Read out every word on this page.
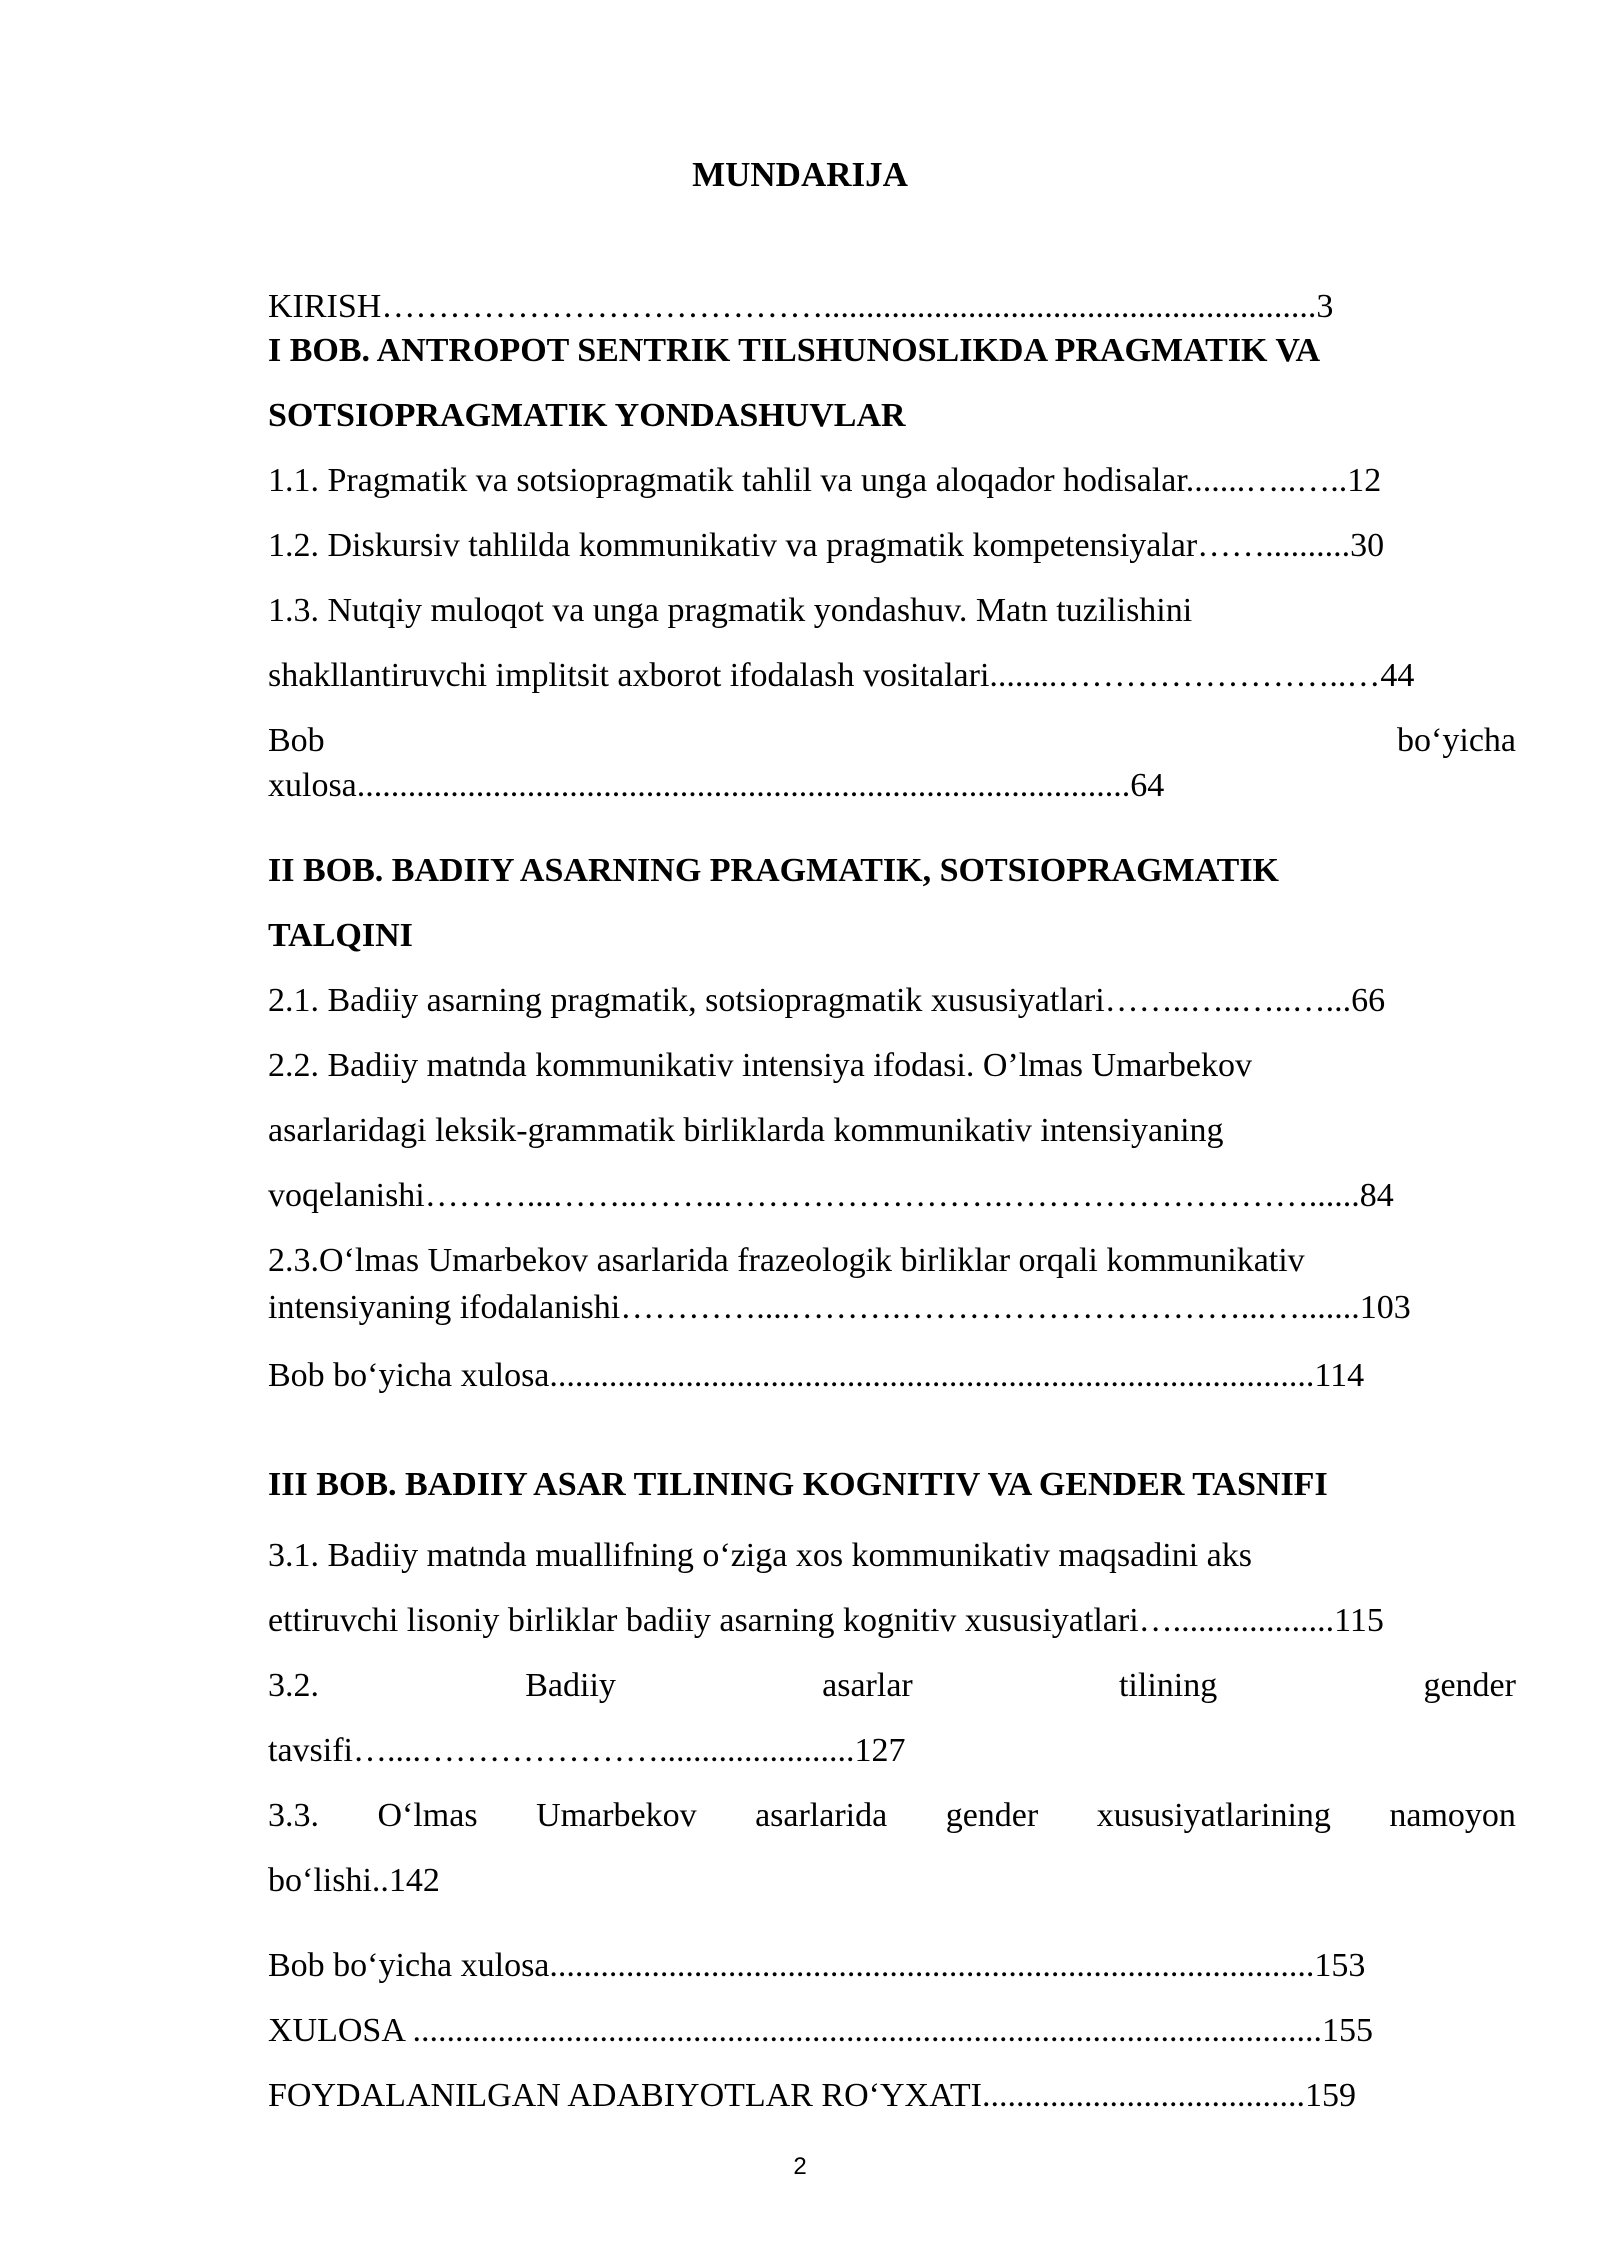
MUNDARIJA
KIRISH…………………………………..........................................................3
I BOB. ANTROPOT SENTRIK TILSHUNOSLIKDA PRAGMATIK VA
SOTSIOPRAGMATIK YONDASHUVLAR
1.1. Pragmatik va sotsiopragmatik tahlil va unga aloqador hodisalar.......…..…..12
1.2. Diskursiv tahlilda kommunikativ va pragmatik kompetensiyalar……..........30
1.3. Nutqiy muloqot va unga pragmatik yondashuv. Matn tuzilishini
shakllantiruvchi implitsit axborot ifodalash vositalari........……………………..…44
Bob	bo‘yicha
xulosa...........................................................................................64
II BOB. BADIIY ASARNING PRAGMATIK, SOTSIOPRAGMATIK
TALQINI
2.1. Badiiy asarning pragmatik, sotsiopragmatik xususiyatlari……..…..…..…...66
2.2. Badiiy matnda kommunikativ intensiya ifodasi. O’lmas Umarbekov
asarlaridagi leksik-grammatik birliklarda kommunikativ intensiyaning
voqelanishi………...……..……..…………………….………………………......84
2.3.O‘lmas Umarbekov asarlarida frazeologik birliklar orqali kommunikativ
intensiyaning ifodalanishi…………....……….…………………………...….......103
Bob bo‘yicha xulosa..........................................................................................114
III BOB. BADIIY ASAR TILINING KOGNITIV VA GENDER TASNIFI
3.1. Badiiy matnda muallifning o‘ziga xos kommunikativ maqsadini aks
ettiruvchi lisoniy birliklar badiiy asarning kognitiv xususiyatlari…...................115
3.2.	Badiiy	asarlar	tilining	gender
tavsifi…....………………….......................127
3.3. O‘lmas Umarbekov asarlarida gender xususiyatlarining namoyon
bo‘lishi..142
Bob bo‘yicha xulosa..........................................................................................153
XULOSA ...........................................................................................................155
FOYDALANILGAN ADABIYOTLAR RO‘YXATI......................................159
2
